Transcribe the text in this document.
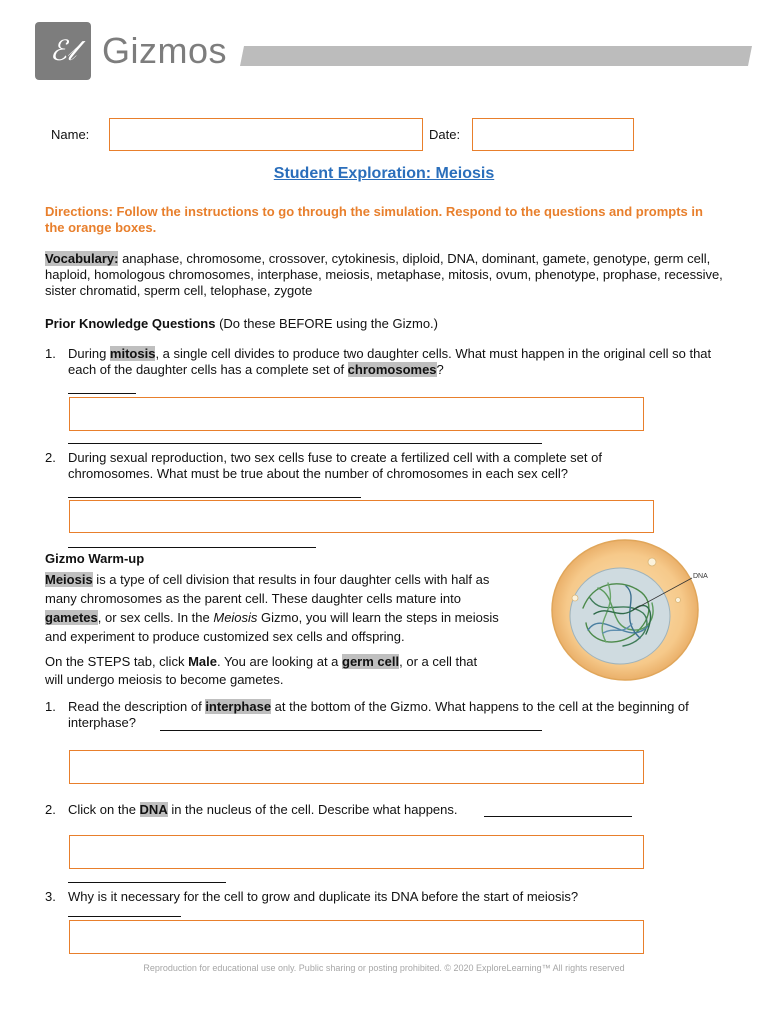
ℰ𝓁 Gizmos
Name:	Date:
Student Exploration: Meiosis
Directions: Follow the instructions to go through the simulation. Respond to the questions and prompts in the orange boxes.
Vocabulary: anaphase, chromosome, crossover, cytokinesis, diploid, DNA, dominant, gamete, genotype, germ cell, haploid, homologous chromosomes, interphase, meiosis, metaphase, mitosis, ovum, phenotype, prophase, recessive, sister chromatid, sperm cell, telophase, zygote
Prior Knowledge Questions (Do these BEFORE using the Gizmo.)
1. During mitosis, a single cell divides to produce two daughter cells. What must happen in the original cell so that each of the daughter cells has a complete set of chromosomes?
2. During sexual reproduction, two sex cells fuse to create a fertilized cell with a complete set of chromosomes. What must be true about the number of chromosomes in each sex cell?
Gizmo Warm-up
Meiosis is a type of cell division that results in four daughter cells with half as many chromosomes as the parent cell. These daughter cells mature into gametes, or sex cells. In the Meiosis Gizmo, you will learn the steps in meiosis and experiment to produce customized sex cells and offspring.
On the STEPS tab, click Male. You are looking at a germ cell, or a cell that will undergo meiosis to become gametes.
DNA
1. Read the description of interphase at the bottom of the Gizmo. What happens to the cell at the beginning of interphase?
2. Click on the DNA in the nucleus of the cell. Describe what happens.
3. Why is it necessary for the cell to grow and duplicate its DNA before the start of meiosis?
Reproduction for educational use only. Public sharing or posting prohibited. © 2020 ExploreLearning™ All rights reserved
